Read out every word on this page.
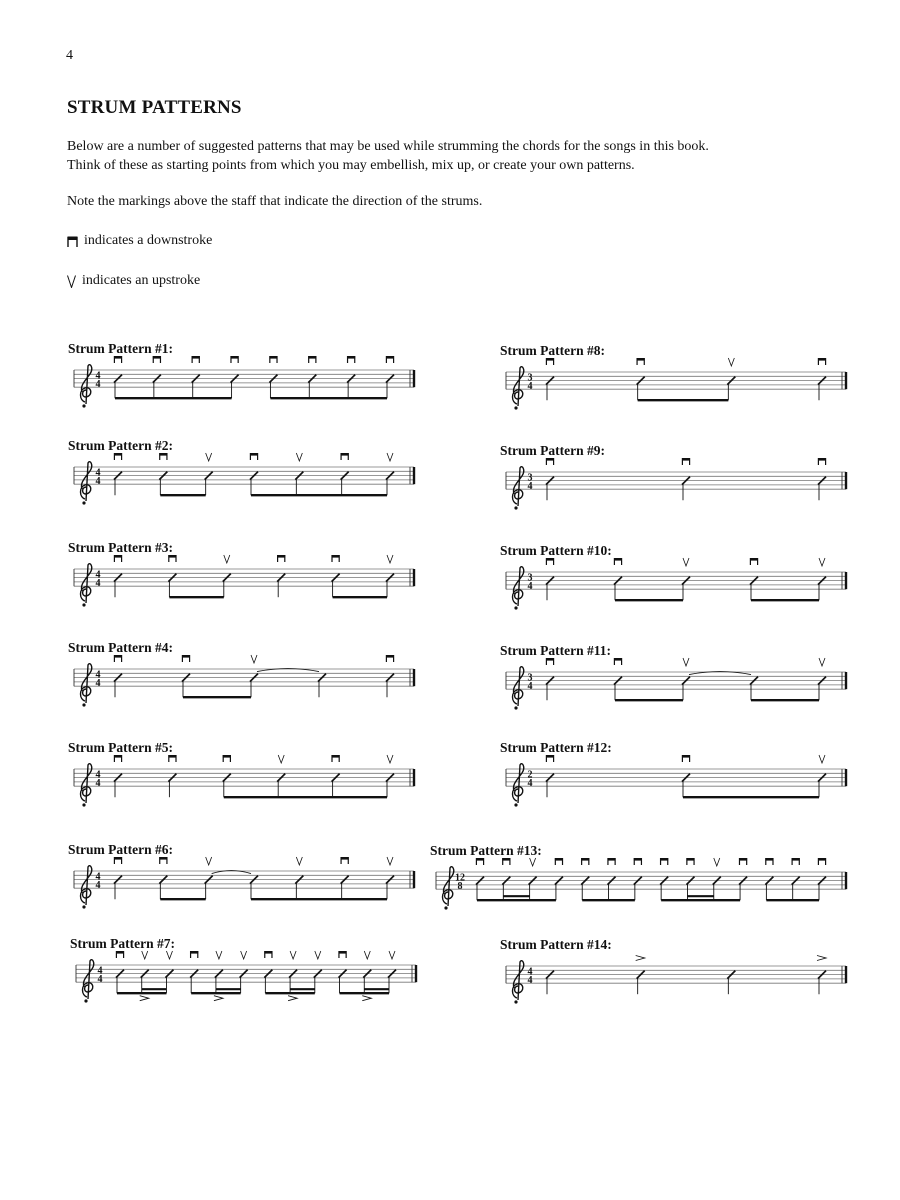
4
STRUM PATTERNS
Below are a number of suggested patterns that may be used while strumming the chords for the songs in this book.
Think of these as starting points from which you may embellish, mix up, or create your own patterns.

Note the markings above the staff that indicate the direction of the strums.

indicates a downstroke
indicates an upstroke
Strum Pattern #1:
4
4
Strum Pattern #2:
4
4
Strum Pattern #3:
4
4
Strum Pattern #4:
4
4
Strum Pattern #5:
4
4
Strum Pattern #6:
4
4
Strum Pattern #7:
4
4
Strum Pattern #8:
3
4
Strum Pattern #9:
3
4
Strum Pattern #10:
3
4
Strum Pattern #11:
3
4
Strum Pattern #12:
2
4
Strum Pattern #13:
12
8
Strum Pattern #14:
4
4
